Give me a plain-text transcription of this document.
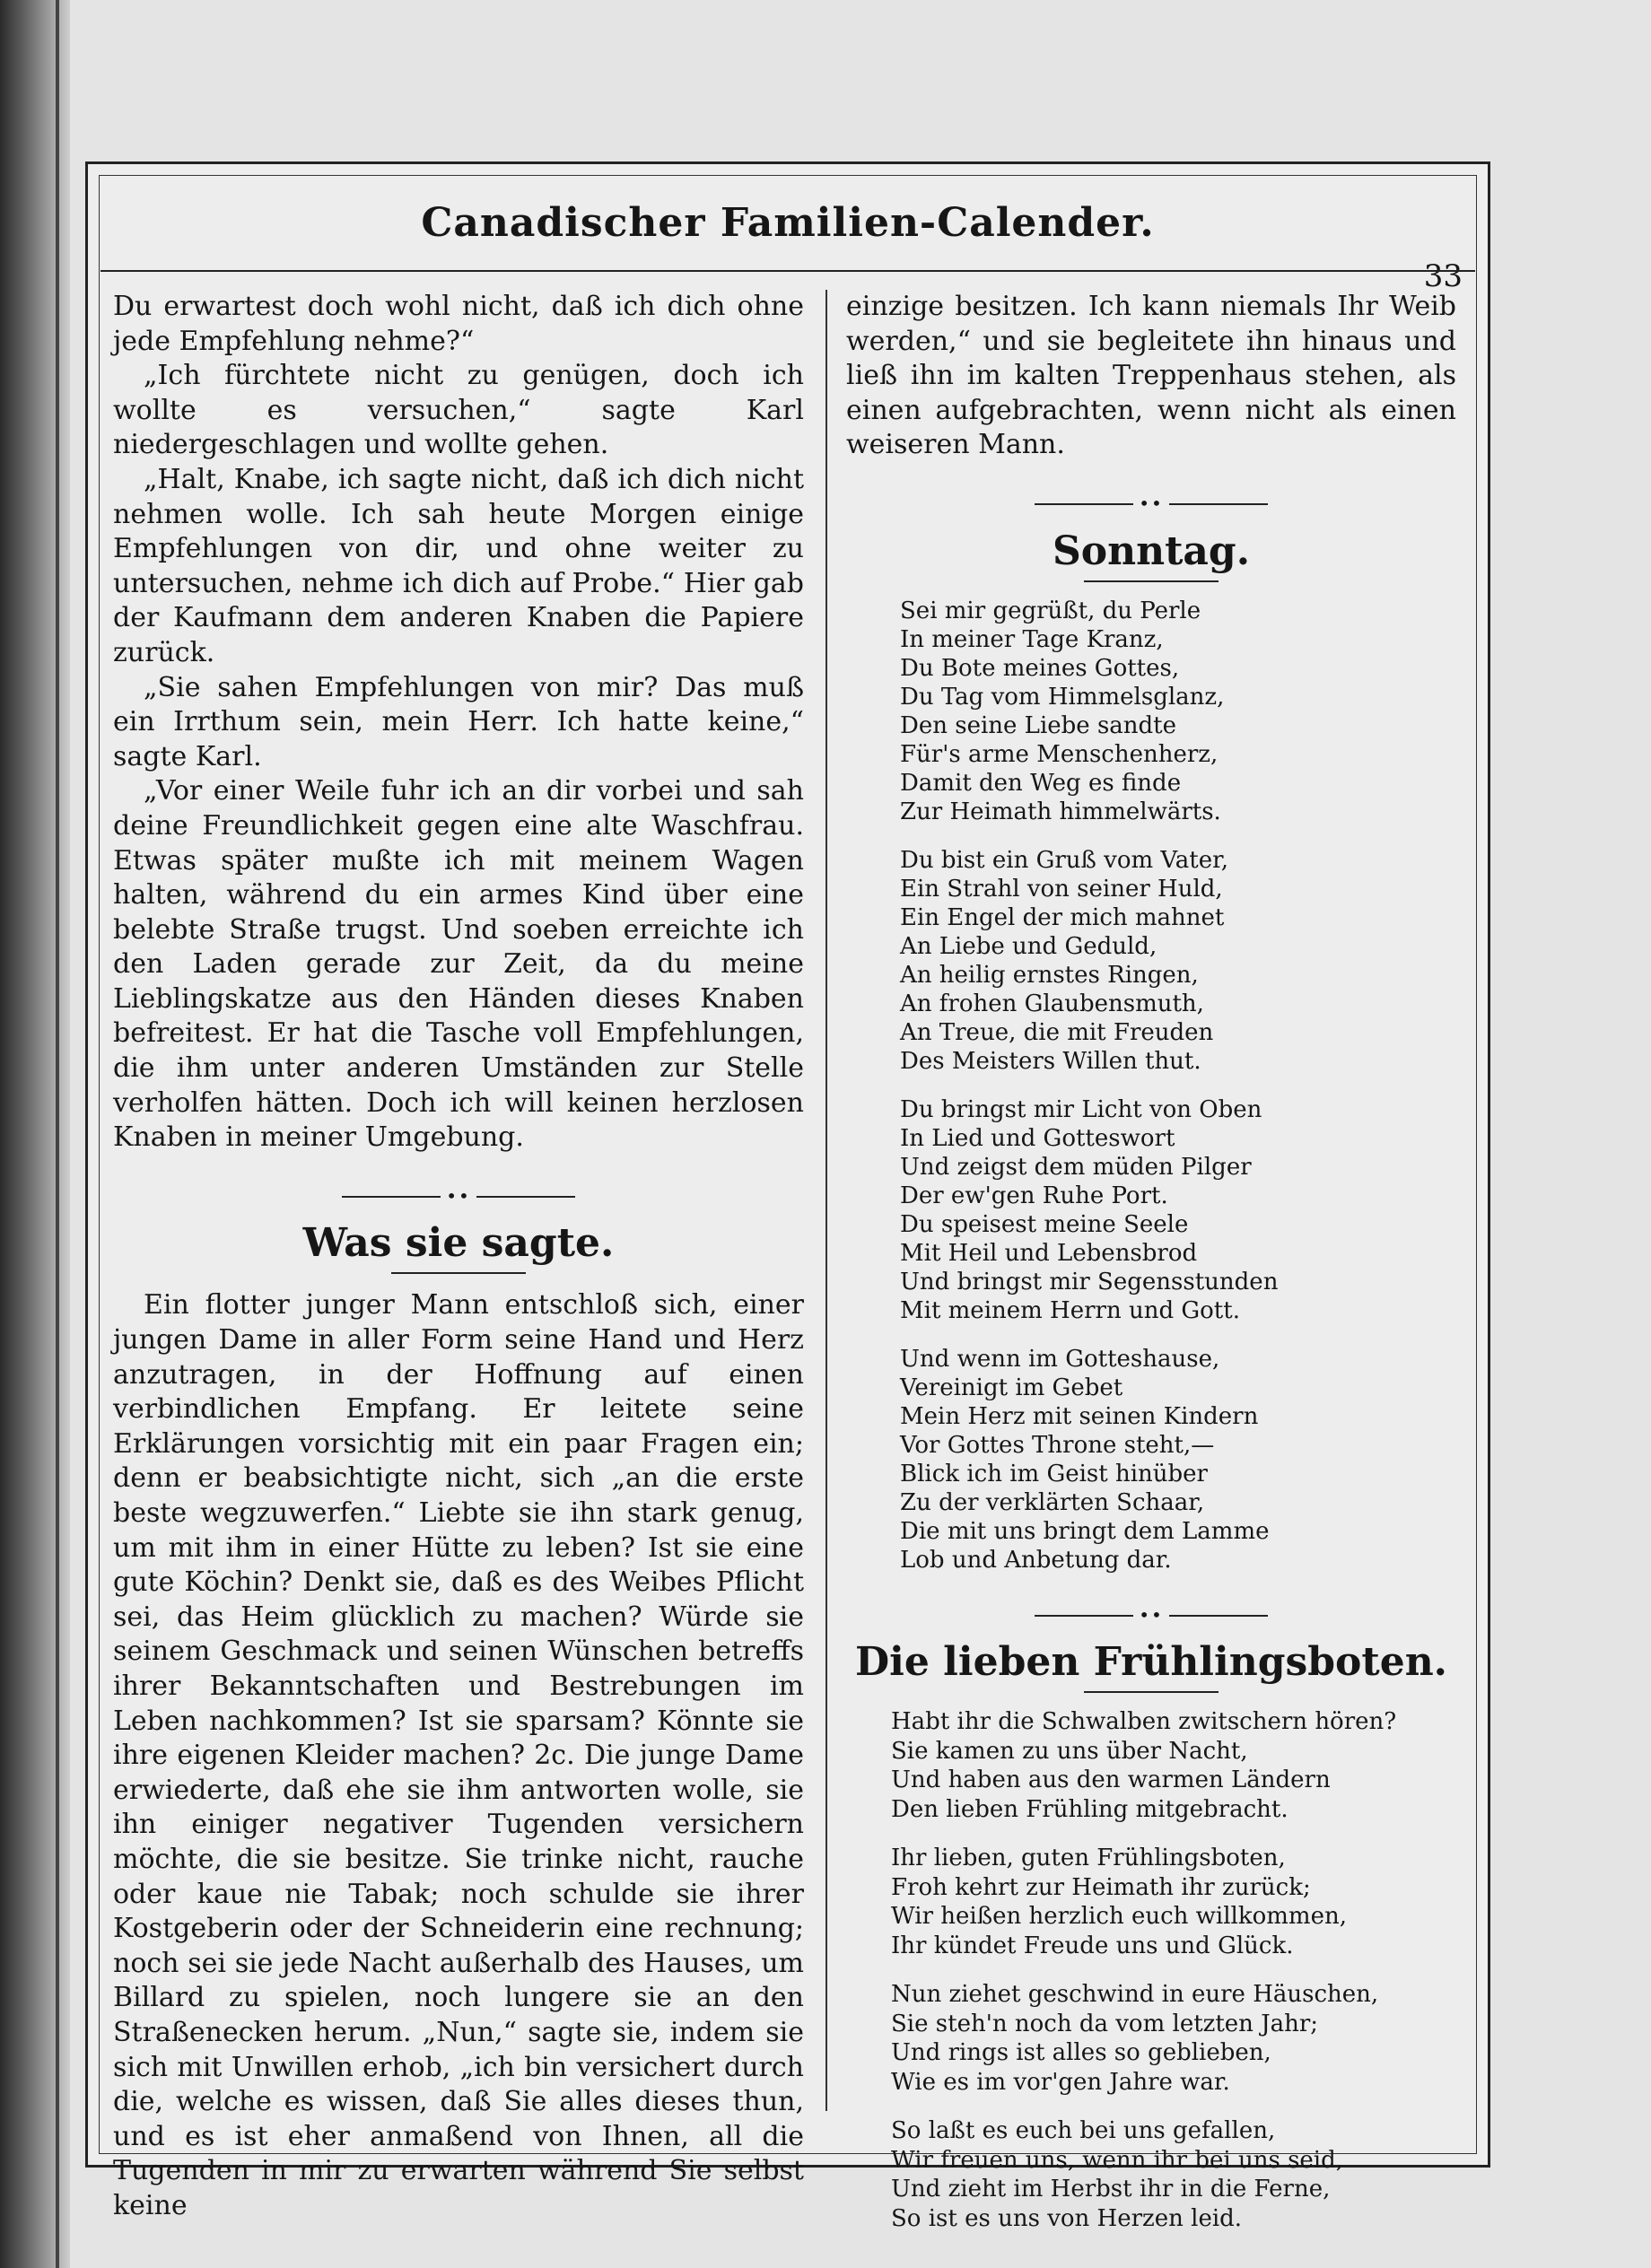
Canadischer Familien-Calender.
33

Du erwartest doch wohl nicht, daß ich dich ohne jede Empfehlung nehme?“

„Ich fürchtete nicht zu genügen, doch ich wollte es versuchen,“ sagte Karl niedergeschlagen und wollte gehen.

„Halt, Knabe, ich sagte nicht, daß ich dich nicht nehmen wolle. Ich sah heute Morgen einige Empfehlungen von dir, und ohne weiter zu untersuchen, nehme ich dich auf Probe.“ Hier gab der Kaufmann dem anderen Knaben die Papiere zurück.

„Sie sahen Empfehlungen von mir? Das muß ein Irrthum sein, mein Herr. Ich hatte keine,“ sagte Karl.

„Vor einer Weile fuhr ich an dir vorbei und sah deine Freundlichkeit gegen eine alte Waschfrau. Etwas später mußte ich mit meinem Wagen halten, während du ein armes Kind über eine belebte Straße trugst. Und soeben erreichte ich den Laden gerade zur Zeit, da du meine Lieblingskatze aus den Händen dieses Knaben befreitest. Er hat die Tasche voll Empfehlungen, die ihm unter anderen Umständen zur Stelle verholfen hätten. Doch ich will keinen herzlosen Knaben in meiner Umgebung.

••
Was sie sagte.

Ein flotter junger Mann entschloß sich, einer jungen Dame in aller Form seine Hand und Herz anzutragen, in der Hoffnung auf einen verbindlichen Empfang. Er leitete seine Erklärungen vorsichtig mit ein paar Fragen ein; denn er beabsichtigte nicht, sich „an die erste beste wegzuwerfen.“ Liebte sie ihn stark genug, um mit ihm in einer Hütte zu leben? Ist sie eine gute Köchin? Denkt sie, daß es des Weibes Pflicht sei, das Heim glücklich zu machen? Würde sie seinem Geschmack und seinen Wünschen betreffs ihrer Bekanntschaften und Bestrebungen im Leben nachkommen? Ist sie sparsam? Könnte sie ihre eigenen Kleider machen? 2c. Die junge Dame erwiederte, daß ehe sie ihm antworten wolle, sie ihn einiger negativer Tugenden versichern möchte, die sie besitze. Sie trinke nicht, rauche oder kaue nie Tabak; noch schulde sie ihrer Kostgeberin oder der Schneiderin eine rechnung; noch sei sie jede Nacht außerhalb des Hauses, um Billard zu spielen, noch lungere sie an den Straßenecken herum. „Nun,“ sagte sie, indem sie sich mit Unwillen erhob, „ich bin versichert durch die, welche es wissen, daß Sie alles dieses thun, und es ist eher anmaßend von Ihnen, all die Tugenden in mir zu erwarten während Sie selbst keine

einzige besitzen. Ich kann niemals Ihr Weib werden,“ und sie begleitete ihn hinaus und ließ ihn im kalten Treppenhaus stehen, als einen aufgebrachten, wenn nicht als einen weiseren Mann.

••
Sonntag.
Sei mir gegrüßt, du Perle
In meiner Tage Kranz,
Du Bote meines Gottes,
Du Tag vom Himmelsglanz,
Den seine Liebe sandte
Für's arme Menschenherz,
Damit den Weg es finde
Zur Heimath himmelwärts.
Du bist ein Gruß vom Vater,
Ein Strahl von seiner Huld,
Ein Engel der mich mahnet
An Liebe und Geduld,
An heilig ernstes Ringen,
An frohen Glaubensmuth,
An Treue, die mit Freuden
Des Meisters Willen thut.
Du bringst mir Licht von Oben
In Lied und Gotteswort
Und zeigst dem müden Pilger
Der ew'gen Ruhe Port.
Du speisest meine Seele
Mit Heil und Lebensbrod
Und bringst mir Segensstunden
Mit meinem Herrn und Gott.
Und wenn im Gotteshause,
Vereinigt im Gebet
Mein Herz mit seinen Kindern
Vor Gottes Throne steht,—
Blick ich im Geist hinüber
Zu der verklärten Schaar,
Die mit uns bringt dem Lamme
Lob und Anbetung dar.
••
Die lieben Frühlingsboten.
Habt ihr die Schwalben zwitschern hören?
Sie kamen zu uns über Nacht,
Und haben aus den warmen Ländern
Den lieben Frühling mitgebracht.
Ihr lieben, guten Frühlingsboten,
Froh kehrt zur Heimath ihr zurück;
Wir heißen herzlich euch willkommen,
Ihr kündet Freude uns und Glück.
Nun ziehet geschwind in eure Häuschen,
Sie steh'n noch da vom letzten Jahr;
Und rings ist alles so geblieben,
Wie es im vor'gen Jahre war.
So laßt es euch bei uns gefallen,
Wir freuen uns, wenn ihr bei uns seid,
Und zieht im Herbst ihr in die Ferne,
So ist es uns von Herzen leid.
